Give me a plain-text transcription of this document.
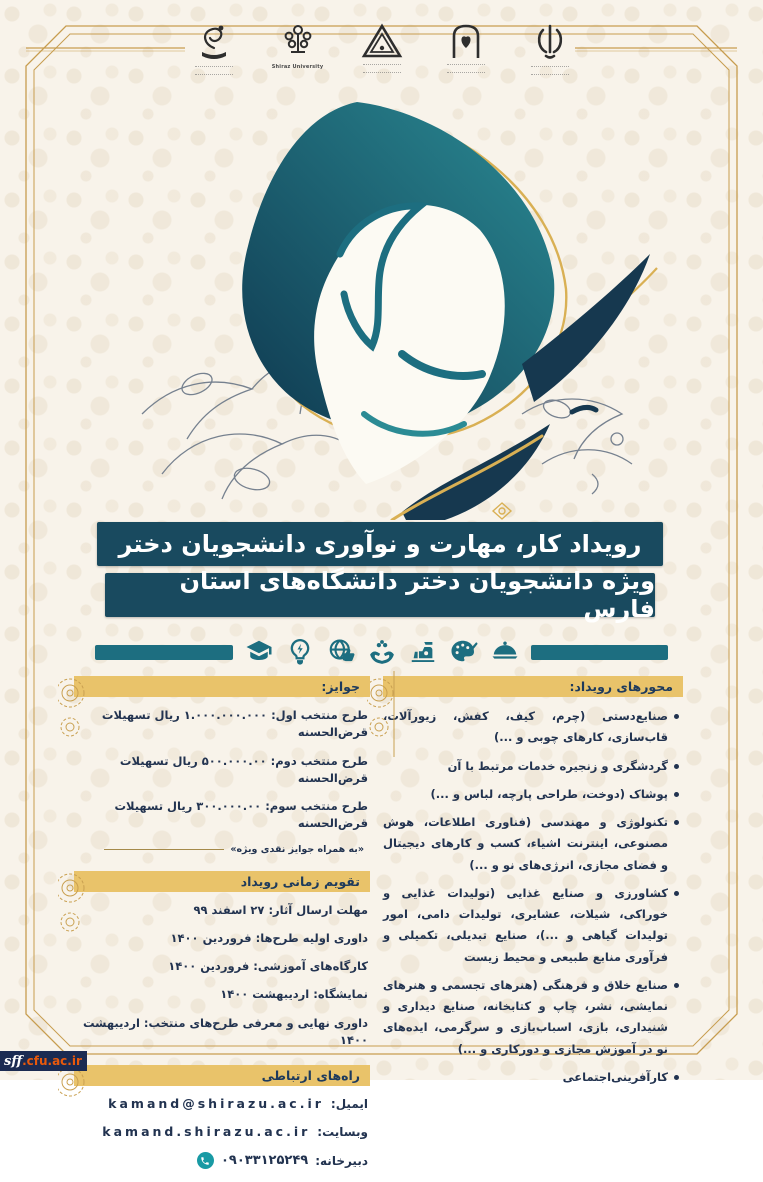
Shiraz University
رویداد کار، مهارت و نوآوری دانشجویان دختر
ویژه دانشجویان دختر دانشگاه‌های استان فارس
محورهای رویداد:
صنایع‌دستی (چرم، کیف، کفش، زیورآلات، قاب‌سازی، کارهای چوبی و ...)
گردشگری و زنجیره خدمات مرتبط با آن
پوشاک (دوخت، طراحی پارچه، لباس و ...)
تکنولوژی و مهندسی (فناوری اطلاعات، هوش مصنوعی، اینترنت اشیاء، کسب و کارهای دیجیتال و فضای مجازی، انرژی‌های نو و ...)
کشاورزی و صنایع غذایی (تولیدات غذایی و خوراکی، شیلات، عشایری، تولیدات دامی، امور تولیدات گیاهی و ...)، صنایع تبدیلی، تکمیلی و فرآوری منابع طبیعی و محیط زیست
صنایع خلاق و فرهنگی (هنرهای تجسمی و هنرهای نمایشی، نشر، چاپ و کتابخانه، صنایع دیداری و شنیداری، بازی، اسباب‌بازی و سرگرمی، ایده‌های نو در آموزش مجازی و دورکاری و ...)
کارآفرینی‌اجتماعی
جوایز:
طرح منتخب اول: ۱.۰۰۰.۰۰۰.۰۰۰ ریال تسهیلات قرض‌الحسنه
طرح منتخب دوم: ۵۰۰.۰۰۰.۰۰ ریال تسهیلات قرض‌الحسنه
طرح منتخب سوم: ۳۰۰.۰۰۰.۰۰ ریال تسهیلات قرض‌الحسنه
«به همراه جوایز نقدی ویژه»
تقویم زمانی رویداد
مهلت ارسال آثار: ۲۷ اسفند ۹۹
داوری اولیه طرح‌ها: فروردین ۱۴۰۰
کارگاه‌های آموزشی: فروردین ۱۴۰۰
نمایشگاه: اردیبهشت ۱۴۰۰
داوری نهایی و معرفی طرح‌های منتخب: اردیبهشت ۱۴۰۰
راه‌های ارتباطی
ایمیل:
kamand@shirazu.ac.ir
وبسایت:
kamand.shirazu.ac.ir
دبیرخانه:
۰۹۰۳۳۱۲۵۲۴۹
sff .cfu.ac.ir
